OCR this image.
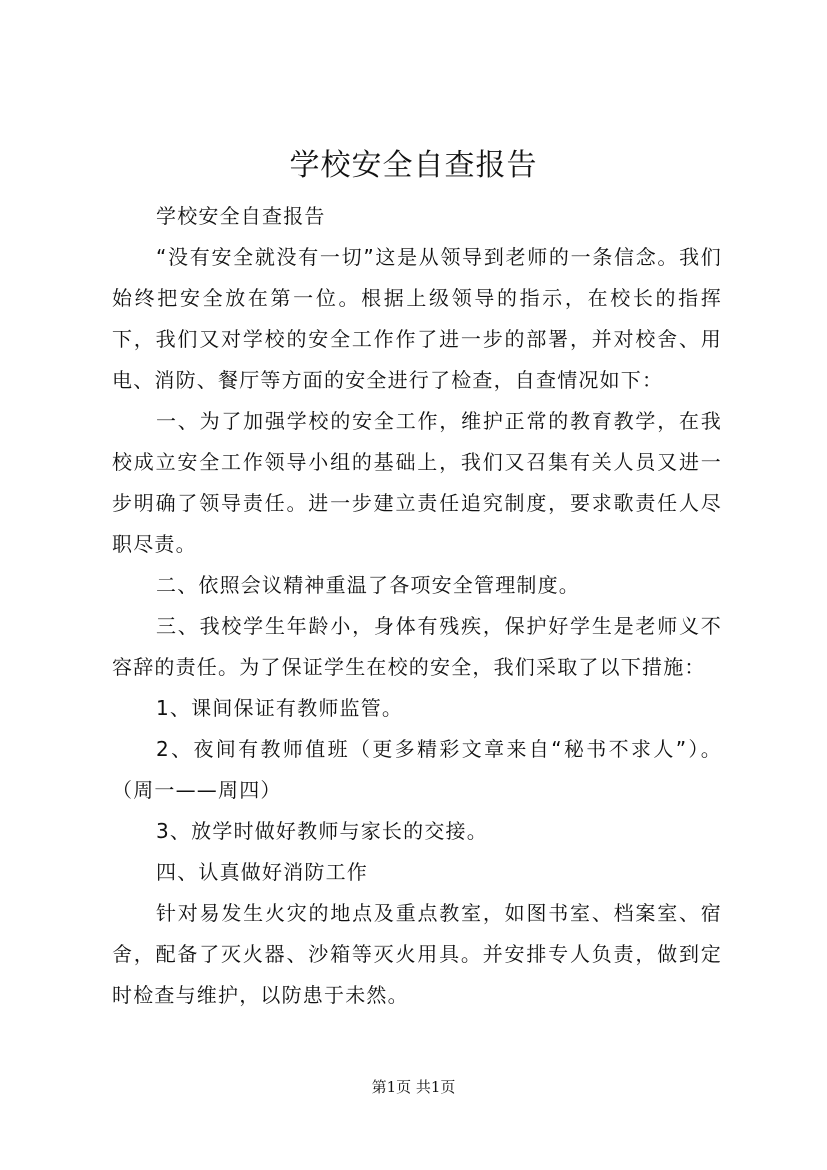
学校安全自查报告

学校安全自查报告

“没有安全就没有一切”这是从领导到老师的一条信念。我们始终把安全放在第一位。根据上级领导的指示，在校长的指挥下，我们又对学校的安全工作作了进一步的部署，并对校舍、用电、消防、餐厅等方面的安全进行了检查，自查情况如下：

一、为了加强学校的安全工作，维护正常的教育教学，在我校成立安全工作领导小组的基础上，我们又召集有关人员又进一步明确了领导责任。进一步建立责任追究制度，要求歌责任人尽职尽责。

二、依照会议精神重温了各项安全管理制度。

三、我校学生年龄小，身体有残疾，保护好学生是老师义不容辞的责任。为了保证学生在校的安全，我们采取了以下措施：

1、课间保证有教师监管。

2、夜间有教师值班（更多精彩文章来自“秘书不求人”）。（周一——周四）

3、放学时做好教师与家长的交接。

四、认真做好消防工作

针对易发生火灾的地点及重点教室，如图书室、档案室、宿舍，配备了灭火器、沙箱等灭火用具。并安排专人负责，做到定时检查与维护，以防患于未然。

第1页 共1页
